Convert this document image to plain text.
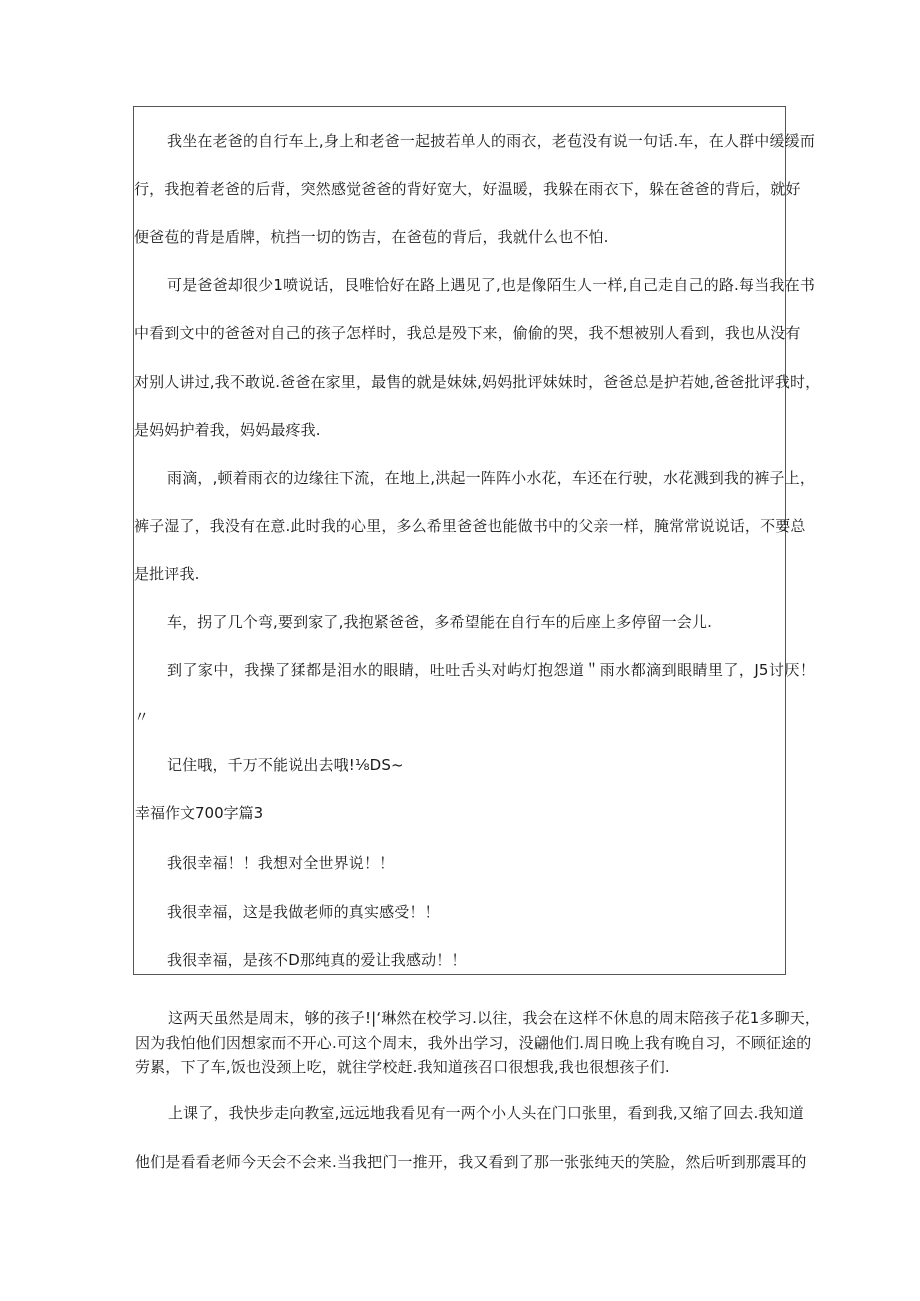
我坐在老爸的自行车上,身上和老爸一起披若单人的雨衣，老苞没有说一句话.车，在人群中缓缓而
行，我抱着老爸的后背，突然感觉爸爸的背好宽大，好温暖，我躲在雨衣下，躲在爸爸的背后，就好
便爸苞的背是盾牌，杭挡一切的饬吉，在爸苞的背后，我就什么也不怕.
可是爸爸却很少1喷说话，艮唯恰好在路上遇见了,也是像陌生人一样,自己走自己的路.每当我在书
中看到文中的爸爸对自己的孩子怎样时，我总是殁下来，偷偷的哭，我不想被别人看到，我也从没有
对别人讲过,我不敢说.爸爸在家里，最售的就是妹妹,妈妈批评妹妹时，爸爸总是护若她,爸爸批评我时，
是妈妈护着我，妈妈最疼我.
雨滴，,顿着雨衣的边缘往下流，在地上,洪起一阵阵小水花，车还在行驶，水花溅到我的裤子上，
裤子湿了，我没有在意.此时我的心里，多么希里爸爸也能做书中的父亲一样，腌常常说说话，不要总
是批评我.
车，拐了几个弯,要到家了,我抱紧爸爸，多希望能在自行车的后座上多停留一会儿.
到了家中，我操了猱都是泪水的眼睛，吐吐舌头对屿灯抱怨道＂雨水都滴到眼睛里了，J5讨厌！
〃
记住哦，千万不能说出去哦!⅛DS~
我很幸福！！我想对全世界说！！
我很幸福，这是我做老师的真实感受！！
我很幸福，是孩不D那纯真的爱让我感动！！
幸福作文700字篇3
这两天虽然是周末，够的孩子!|‘琳然在校学习.以往，我会在这样不休息的周末陪孩子花1多聊天，
因为我怕他们因想家而不开心.可这个周末，我外出学习，没翩他们.周日晚上我有晚自习，不顾征途的
劳累，下了车,饭也没颈上吃，就往学校赶.我知道孩召口很想我,我也很想孩子们.
上课了，我快步走向教室,远远地我看见有一两个小人头在门口张里，看到我,又缩了回去.我知道
他们是看看老师今天会不会来.当我把门一推开，我又看到了那一张张纯天的笑脸，然后听到那震耳的
